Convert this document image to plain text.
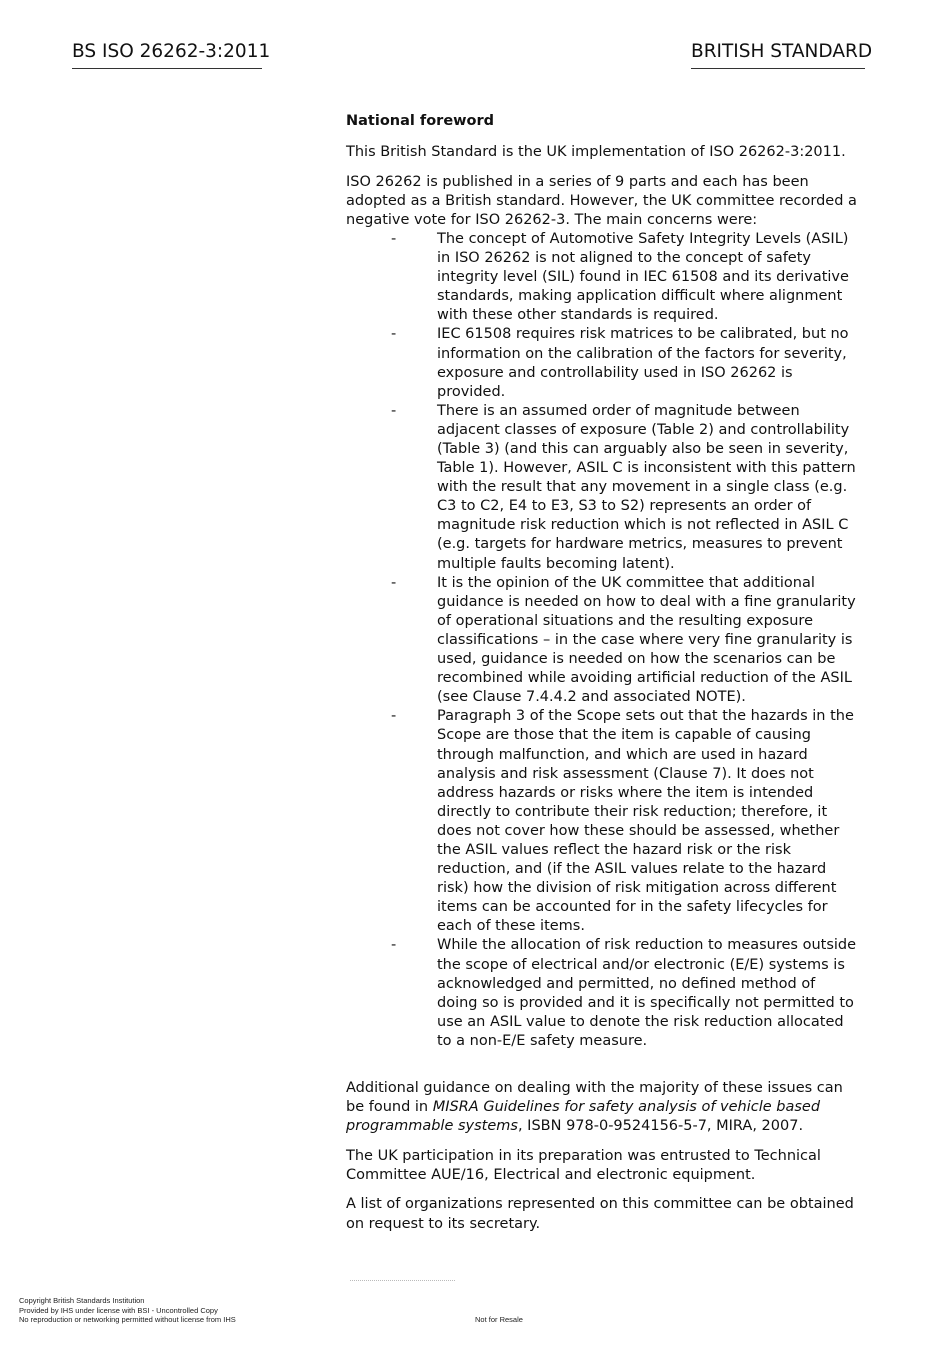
BS ISO 26262-3:2011	BRITISH STANDARD

National foreword

This British Standard is the UK implementation of ISO 26262-3:2011.

ISO 26262 is published in a series of 9 parts and each has been adopted as a British standard. However, the UK committee recorded a negative vote for ISO 26262-3. The main concerns were:

-	The concept of Automotive Safety Integrity Levels (ASIL) in ISO 26262 is not aligned to the concept of safety integrity level (SIL) found in IEC 61508 and its derivative standards, making application difficult where alignment with these other standards is required.
-	IEC 61508 requires risk matrices to be calibrated, but no information on the calibration of the factors for severity, exposure and controllability used in ISO 26262 is provided.
-	There is an assumed order of magnitude between adjacent classes of exposure (Table 2) and controllability (Table 3) (and this can arguably also be seen in severity, Table 1). However, ASIL C is inconsistent with this pattern with the result that any movement in a single class (e.g. C3 to C2, E4 to E3, S3 to S2) represents an order of magnitude risk reduction which is not reflected in ASIL C (e.g. targets for hardware metrics, measures to prevent multiple faults becoming latent).
-	It is the opinion of the UK committee that additional guidance is needed on how to deal with a fine granularity of operational situations and the resulting exposure classifications – in the case where very fine granularity is used, guidance is needed on how the scenarios can be recombined while avoiding artificial reduction of the ASIL (see Clause 7.4.4.2 and associated NOTE).
-	Paragraph 3 of the Scope sets out that the hazards in the Scope are those that the item is capable of causing through malfunction, and which are used in hazard analysis and risk assessment (Clause 7). It does not address hazards or risks where the item is intended directly to contribute their risk reduction; therefore, it does not cover how these should be assessed, whether the ASIL values reflect the hazard risk or the risk reduction, and (if the ASIL values relate to the hazard risk) how the division of risk mitigation across different items can be accounted for in the safety lifecycles for each of these items.
-	While the allocation of risk reduction to measures outside the scope of electrical and/or electronic (E/E) systems is acknowledged and permitted, no defined method of doing so is provided and it is specifically not permitted to use an ASIL value to denote the risk reduction allocated to a non-E/E safety measure.

Additional guidance on dealing with the majority of these issues can be found in MISRA Guidelines for safety analysis of vehicle based programmable systems, ISBN 978-0-9524156-5-7, MIRA, 2007.

The UK participation in its preparation was entrusted to Technical Committee AUE/16, Electrical and electronic equipment.

A list of organizations represented on this committee can be obtained on request to its secretary.

Copyright British Standards Institution
Provided by IHS under license with BSI - Uncontrolled Copy
No reproduction or networking permitted without license from IHS	Not for Resale
